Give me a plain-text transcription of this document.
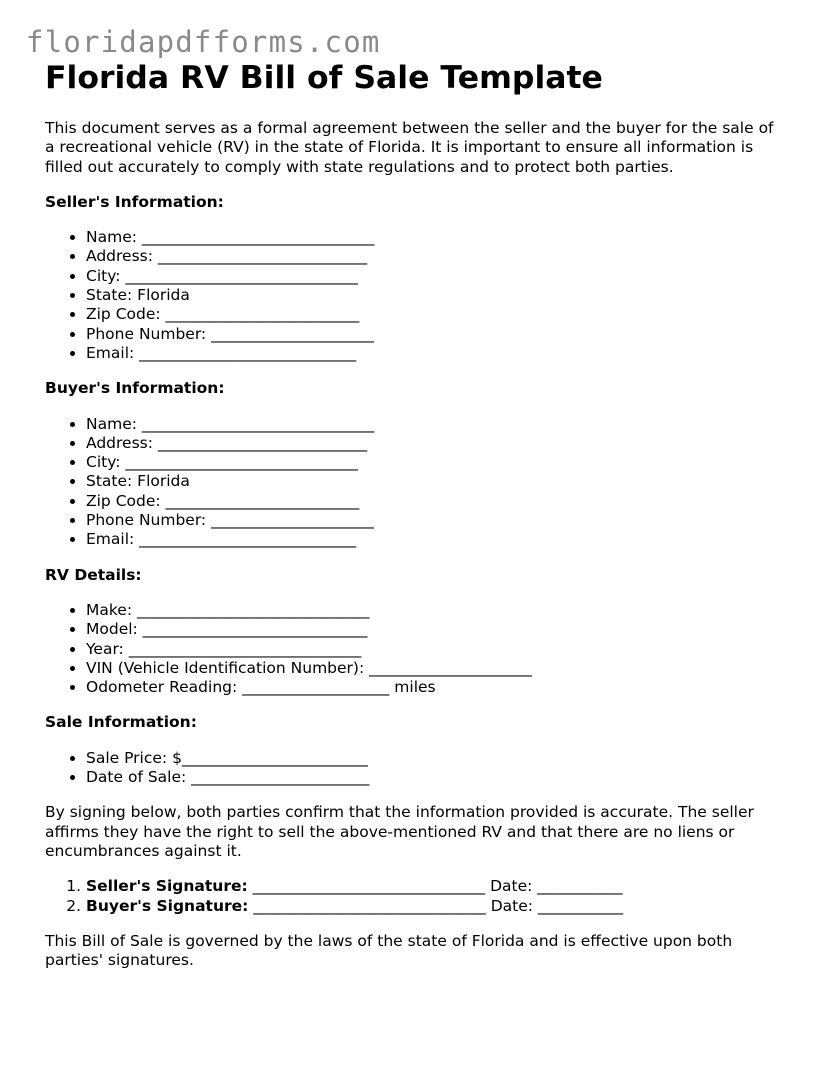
floridapdfforms.com
Florida RV Bill of Sale Template

This document serves as a formal agreement between the seller and the buyer for the sale of a recreational vehicle (RV) in the state of Florida. It is important to ensure all information is filled out accurately to comply with state regulations and to protect both parties.

Seller's Information:
• Name: ______________________________
• Address: ___________________________
• City: ______________________________
• State: Florida
• Zip Code: _________________________
• Phone Number: _____________________
• Email: ____________________________
Buyer's Information:
• Name: ______________________________
• Address: ___________________________
• City: ______________________________
• State: Florida
• Zip Code: _________________________
• Phone Number: _____________________
• Email: ____________________________
RV Details:
• Make: ______________________________
• Model: _____________________________
• Year: ______________________________
• VIN (Vehicle Identification Number): _____________________
• Odometer Reading: ___________________ miles
Sale Information:
• Sale Price: $________________________
• Date of Sale: _______________________

By signing below, both parties confirm that the information provided is accurate. The seller affirms they have the right to sell the above-mentioned RV and that there are no liens or encumbrances against it.

1. Seller's Signature: ______________________________ Date: ___________
2. Buyer's Signature: ______________________________ Date: ___________

This Bill of Sale is governed by the laws of the state of Florida and is effective upon both parties' signatures.
